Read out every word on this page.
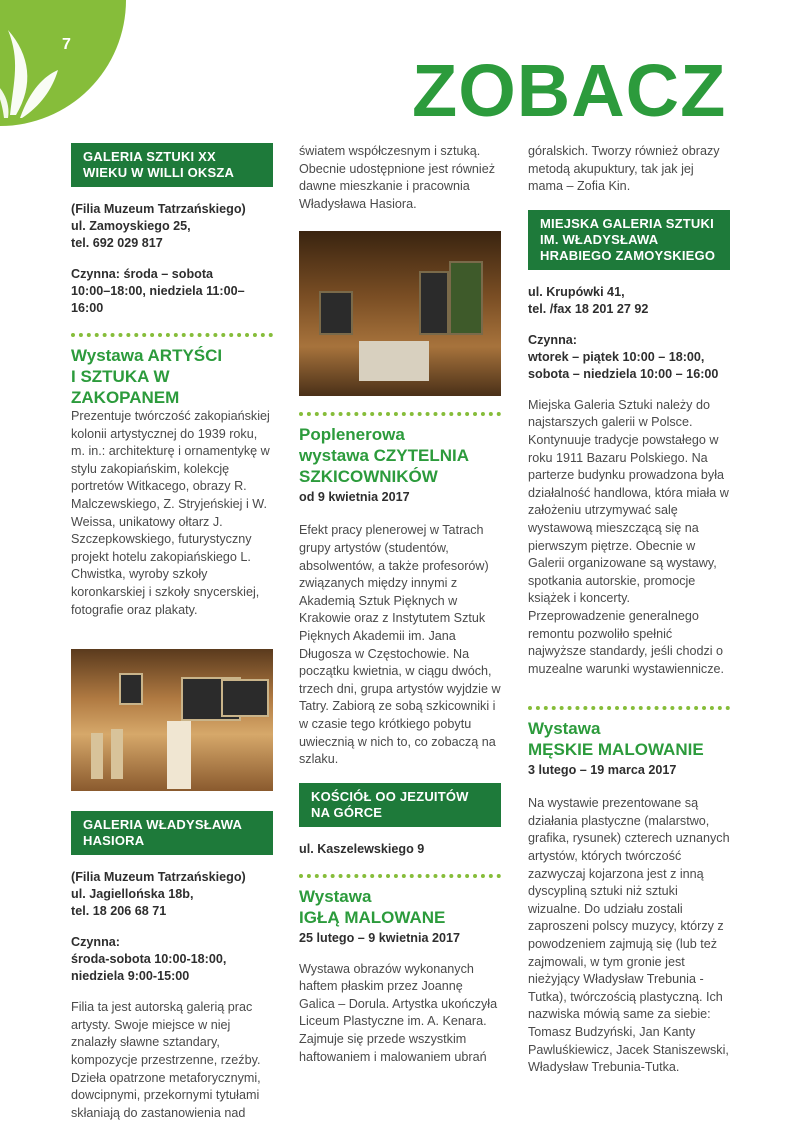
7
ZOBACZ
GALERIA SZTUKI XX WIEKU W WILLI OKSZA
(Filia Muzeum Tatrzańskiego)
ul. Zamoyskiego 25,
tel. 692 029 817
Czynna: środa – sobota
10:00–18:00, niedziela 11:00–16:00
Wystawa ARTYŚCI
I SZTUKA W ZAKOPANEM
Prezentuje twórczość zakopiańskiej kolonii artystycznej do 1939 roku, m. in.: architekturę i ornamentykę w stylu zakopiańskim, kolekcję portretów Witkacego, obrazy R. Malczewskiego, Z. Stryjeńskiej i W. Weissa, unikatowy ołtarz J. Szczepkowskiego, futurystyczny projekt hotelu zakopiańskiego L. Chwistka, wyroby szkoły koronkarskiej i szkoły snycerskiej, fotografie oraz plakaty.
GALERIA WŁADYSŁAWA HASIORA
(Filia Muzeum Tatrzańskiego)
ul. Jagiellońska 18b,
tel. 18 206 68 71
Czynna:
środa-sobota 10:00-18:00,
niedziela 9:00-15:00
Filia ta jest autorską galerią prac artysty. Swoje miejsce w niej znalazły sławne sztandary, kompozycje przestrzenne, rzeźby. Dzieła opatrzone metaforycznymi, dowcipnymi, przekornymi tytułami skłaniają do zastanowienia nad
światem współczesnym i sztuką. Obecnie udostępnione jest również dawne mieszkanie i pracownia Władysława Hasiora.
Poplenerowa
wystawa CZYTELNIA
SZKICOWNIKÓW
od 9 kwietnia 2017
Efekt pracy plenerowej w Tatrach grupy artystów (studentów, absolwentów, a także profesorów) związanych między innymi z Akademią Sztuk Pięknych w Krakowie oraz z Instytutem Sztuk Pięknych Akademii im. Jana Długosza w Częstochowie. Na początku kwietnia, w ciągu dwóch, trzech dni, grupa artystów wyjdzie w Tatry. Zabiorą ze sobą szkicowniki i w czasie tego krótkiego pobytu uwiecznią w nich to, co zobaczą na szlaku.
KOŚCIÓŁ OO JEZUITÓW NA GÓRCE
ul. Kaszelewskiego 9
Wystawa
IGŁĄ MALOWANE
25 lutego – 9 kwietnia 2017
Wystawa obrazów wykonanych haftem płaskim przez Joannę Galica – Dorula. Artystka ukończyła Liceum Plastyczne im. A. Kenara. Zajmuje się przede wszystkim haftowaniem i malowaniem ubrań
góralskich. Tworzy również obrazy metodą akupuktury, tak jak jej mama – Zofia Kin.
MIEJSKA GALERIA SZTUKI IM. WŁADYSŁAWA HRABIEGO ZAMOYSKIEGO
ul. Krupówki 41,
tel. /fax 18 201 27 92
Czynna:
wtorek – piątek 10:00 – 18:00,
sobota – niedziela 10:00 – 16:00
Miejska Galeria Sztuki należy do najstarszych galerii w Polsce. Kontynuuje tradycje powstałego w roku 1911 Bazaru Polskiego. Na parterze budynku prowadzona była działalność handlowa, która miała w założeniu utrzymywać salę wystawową mieszczącą się na pierwszym piętrze. Obecnie w Galerii organizowane są wystawy, spotkania autorskie, promocje książek i koncerty. Przeprowadzenie generalnego remontu pozwoliło spełnić najwyższe standardy, jeśli chodzi o muzealne warunki wystawiennicze.
Wystawa
MĘSKIE MALOWANIE
3 lutego – 19 marca 2017
Na wystawie prezentowane są działania plastyczne (malarstwo, grafika, rysunek) czterech uznanych artystów, których twórczość zazwyczaj kojarzona jest z inną dyscypliną sztuki niż sztuki wizualne. Do udziału zostali zaproszeni polscy muzycy, którzy z powodzeniem zajmują się (lub też zajmowali, w tym gronie jest nieżyjący Władysław Trebunia -Tutka), twórczością plastyczną. Ich nazwiska mówią same za siebie: Tomasz Budzyński, Jan Kanty Pawluśkiewicz, Jacek Staniszewski, Władysław Trebunia-Tutka.
